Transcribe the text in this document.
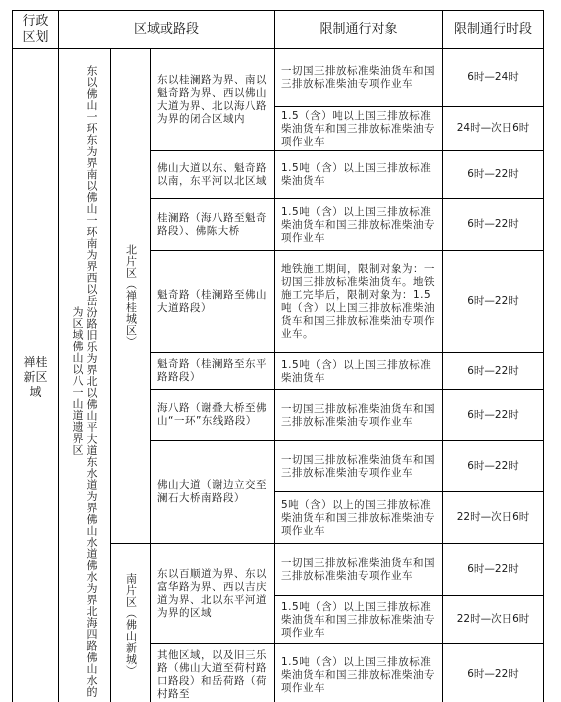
行政区划	区域或路段			限制通行对象	限制通行时段

禅桂新区域	东以佛山一环东为界南以佛山一环南为界西以岳汾路旧乐为界北以佛山平大道东水道为界佛山水道佛水为界北海四路佛山水的为区域佛山以八一山道遗界区	北片区（禅桂城区）	东以桂澜路为界、南以魁奇路为界、西以佛山大道为界、北以海八路为界的闭合区域内	一切国三排放标准柴油货车和国三排放标准柴油专项作业车	6时—24时
				1.5（含）吨以上国三排放标准柴油货车和国三排放标准柴油专项作业车	24时—次日6时
			佛山大道以东、魁奇路以南，东平河以北区域	1.5吨（含）以上国三排放标准柴油货车	6时—22时
			桂澜路（海八路至魁奇路段）、佛陈大桥	1.5吨（含）以上国三排放标准柴油货车和国三排放标准柴油专项作业车	6时—22时
			魁奇路（桂澜路至佛山大道路段）	地铁施工期间，限制对象为：一切国三排放标准柴油货车。地铁施工完毕后，限制对象为：1.5吨（含）以上国三排放标准柴油货车和国三排放标准柴油专项作业车。	6时—22时
			魁奇路（桂澜路至东平路路段）	1.5吨（含）以上国三排放标准柴油货车	6时—22时
			海八路（谢叠大桥至佛山“一环”东线路段）	一切国三排放标准柴油货车和国三排放标准柴油专项作业车	6时—22时
			佛山大道（谢边立交至澜石大桥南路段）	一切国三排放标准柴油货车和国三排放标准柴油专项作业车	6时—22时
				5吨（含）以上的国三排放标准柴油货车和国三排放标准柴油专项作业车	22时—次日6时

		南片区（佛山新城）	东以百顺道为界、东以富华路为界、西以吉庆道为界、北以东平河道为界的区域	一切国三排放标准柴油货车和国三排放标准柴油专项作业车	6时—22时
				1.5吨（含）以上国三排放标准柴油货车和国三排放标准柴油专项作业车	22时—次日6时
			其他区域，以及旧三乐路（佛山大道至荷村路口路段）和岳荷路（荷村路至	1.5吨（含）以上国三排放标准柴油货车和国三排放标准柴油专项作业车	6时—22时
